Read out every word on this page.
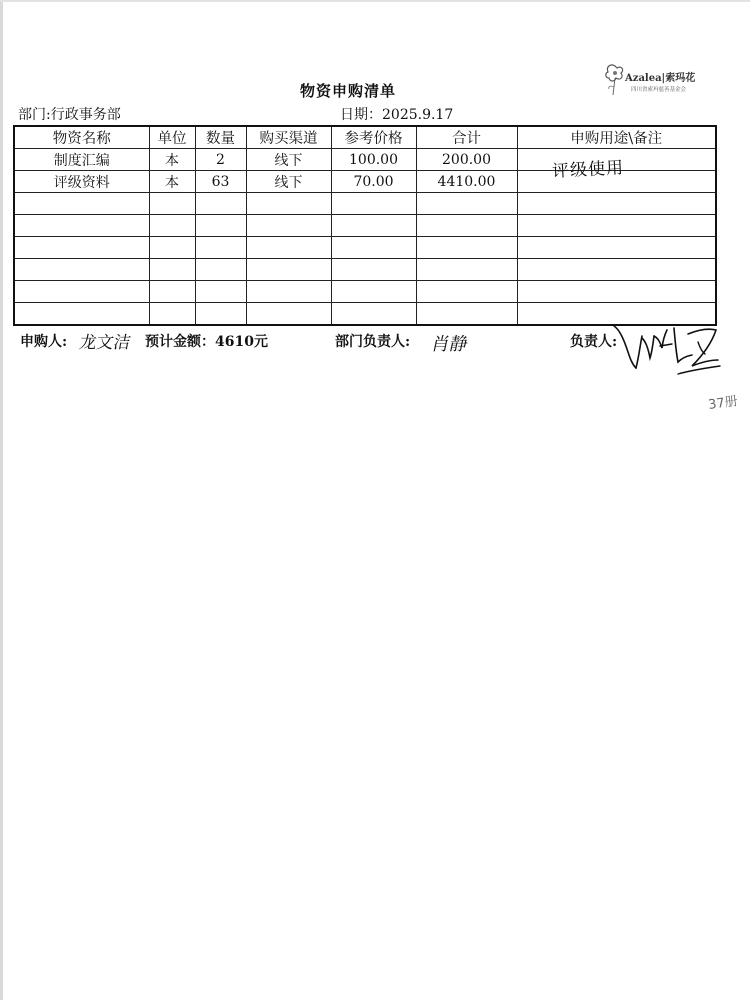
Azalea|索玛花
四川省索玛慈善基金会
物资申购清单
部门:行政事务部	日期：2025.9.17
物资名称	单位	数量	购买渠道	参考价格	合计	申购用途\备注
制度汇编	本	2	线下	100.00	200.00	
评级资料	本	63	线下	70.00	4410.00	

							评级使用
申购人: 龙文洁 预计金额：4610元	部门负责人: 肖静	负责人:
37册
